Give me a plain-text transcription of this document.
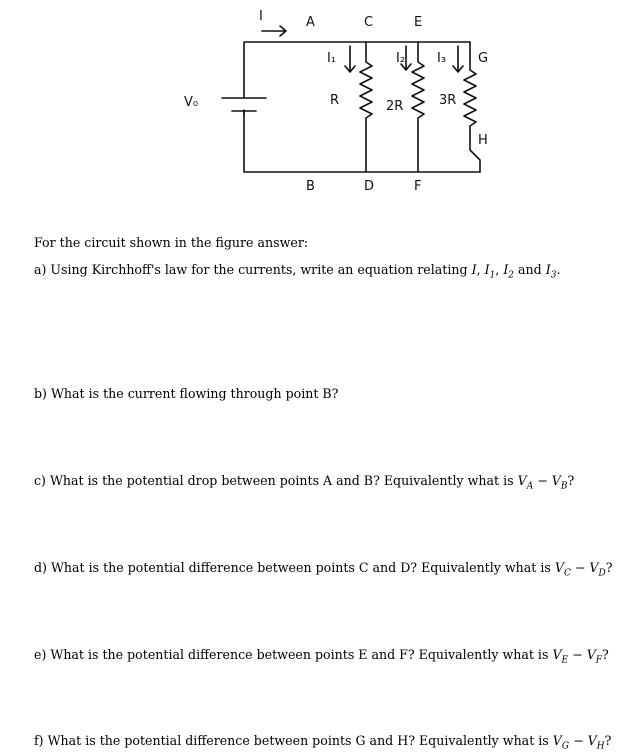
I	A	C	E
G
V₀
I₁	I₂ I₃
R	2R	3R
H
B	D	F

For the circuit shown in the figure answer:

a) Using Kirchhoff's law for the currents, write an equation relating I, $I_1$, $I_2$ and $I_3$.

b) What is the current flowing through point B?

c) What is the potential drop between points A and B? Equivalently what is $V_A - V_B$?

d) What is the potential difference between points C and D? Equivalently what is $V_C - V_D$?

e) What is the potential difference between points E and F? Equivalently what is $V_E - V_F$?

f) What is the potential difference between points G and H? Equivalently what is $V_G - V_H$?
